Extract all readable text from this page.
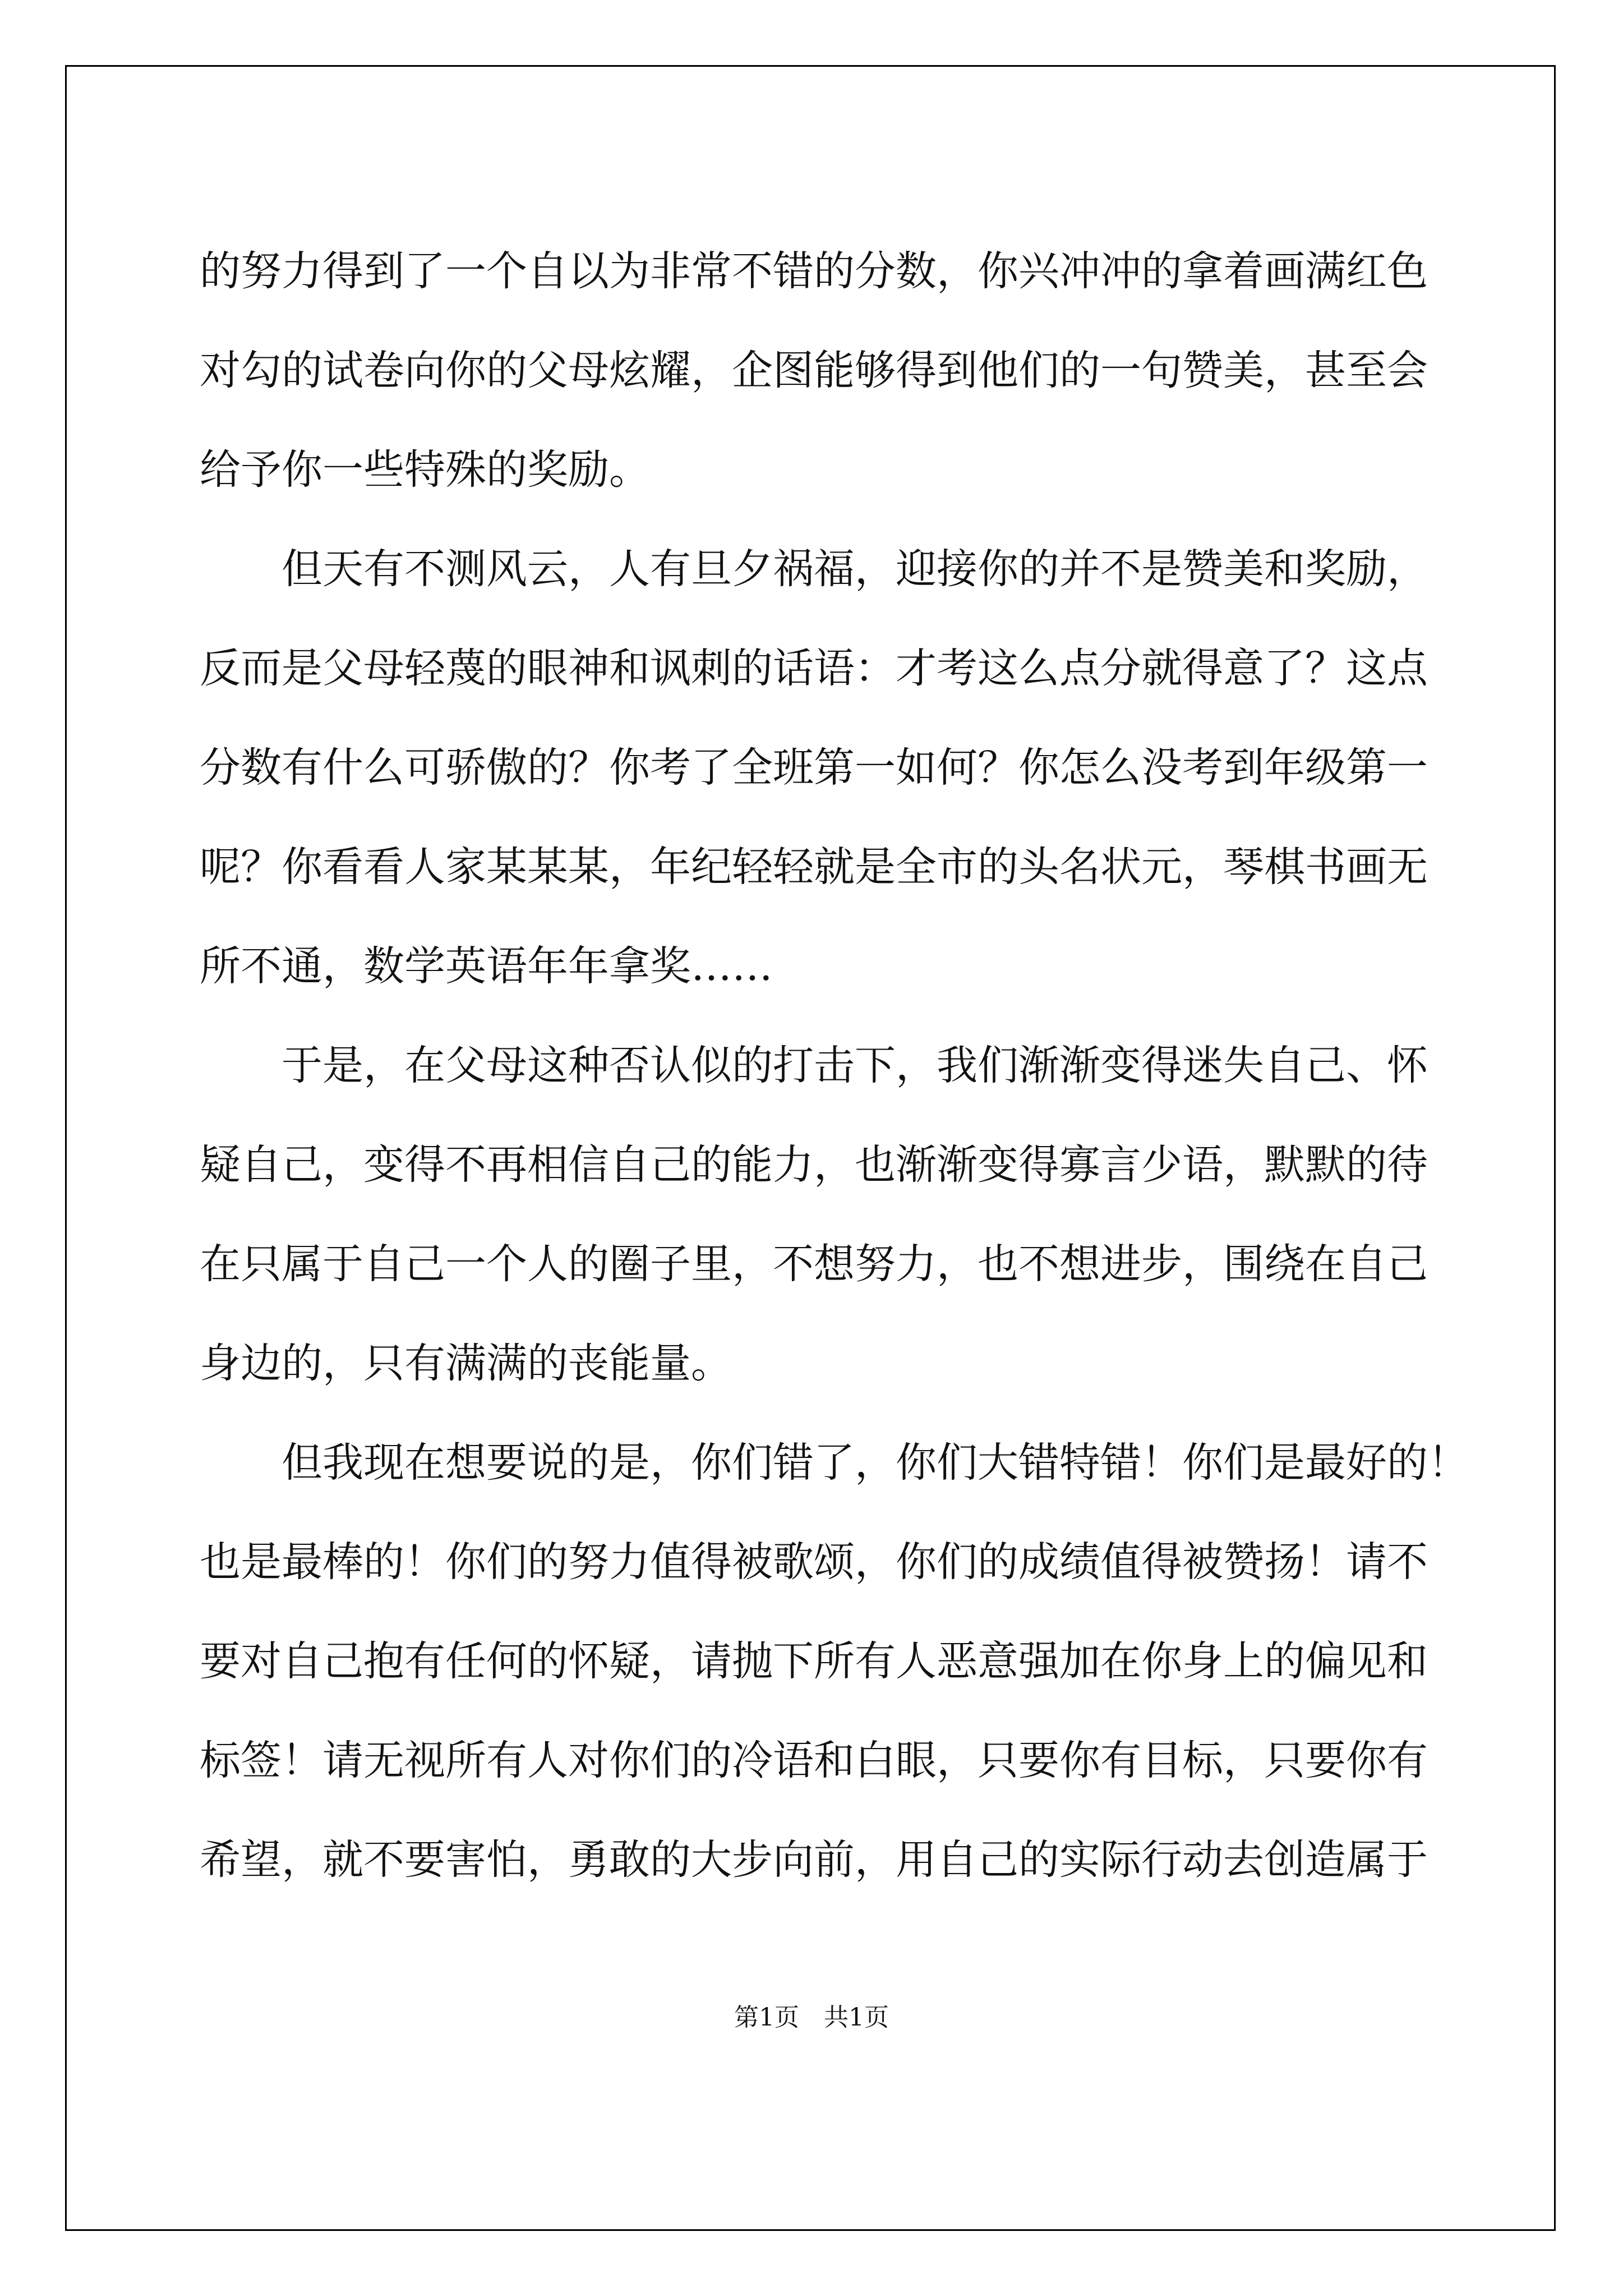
的努力得到了一个自以为非常不错的分数，你兴冲冲的拿着画满红色
对勾的试卷向你的父母炫耀，企图能够得到他们的一句赞美，甚至会
给予你一些特殊的奖励。
　　但天有不测风云，人有旦夕祸福，迎接你的并不是赞美和奖励，
反而是父母轻蔑的眼神和讽刺的话语：才考这么点分就得意了？这点
分数有什么可骄傲的？你考了全班第一如何？你怎么没考到年级第一
呢？你看看人家某某某，年纪轻轻就是全市的头名状元，琴棋书画无
所不通，数学英语年年拿奖……
　　于是，在父母这种否认似的打击下，我们渐渐变得迷失自己、怀
疑自己，变得不再相信自己的能力，也渐渐变得寡言少语，默默的待
在只属于自己一个人的圈子里，不想努力，也不想进步，围绕在自己
身边的，只有满满的丧能量。
　　但我现在想要说的是，你们错了，你们大错特错！你们是最好的！
也是最棒的！你们的努力值得被歌颂，你们的成绩值得被赞扬！请不
要对自己抱有任何的怀疑，请抛下所有人恶意强加在你身上的偏见和
标签！请无视所有人对你们的冷语和白眼，只要你有目标，只要你有
希望，就不要害怕，勇敢的大步向前，用自己的实际行动去创造属于
第1页　共1页
